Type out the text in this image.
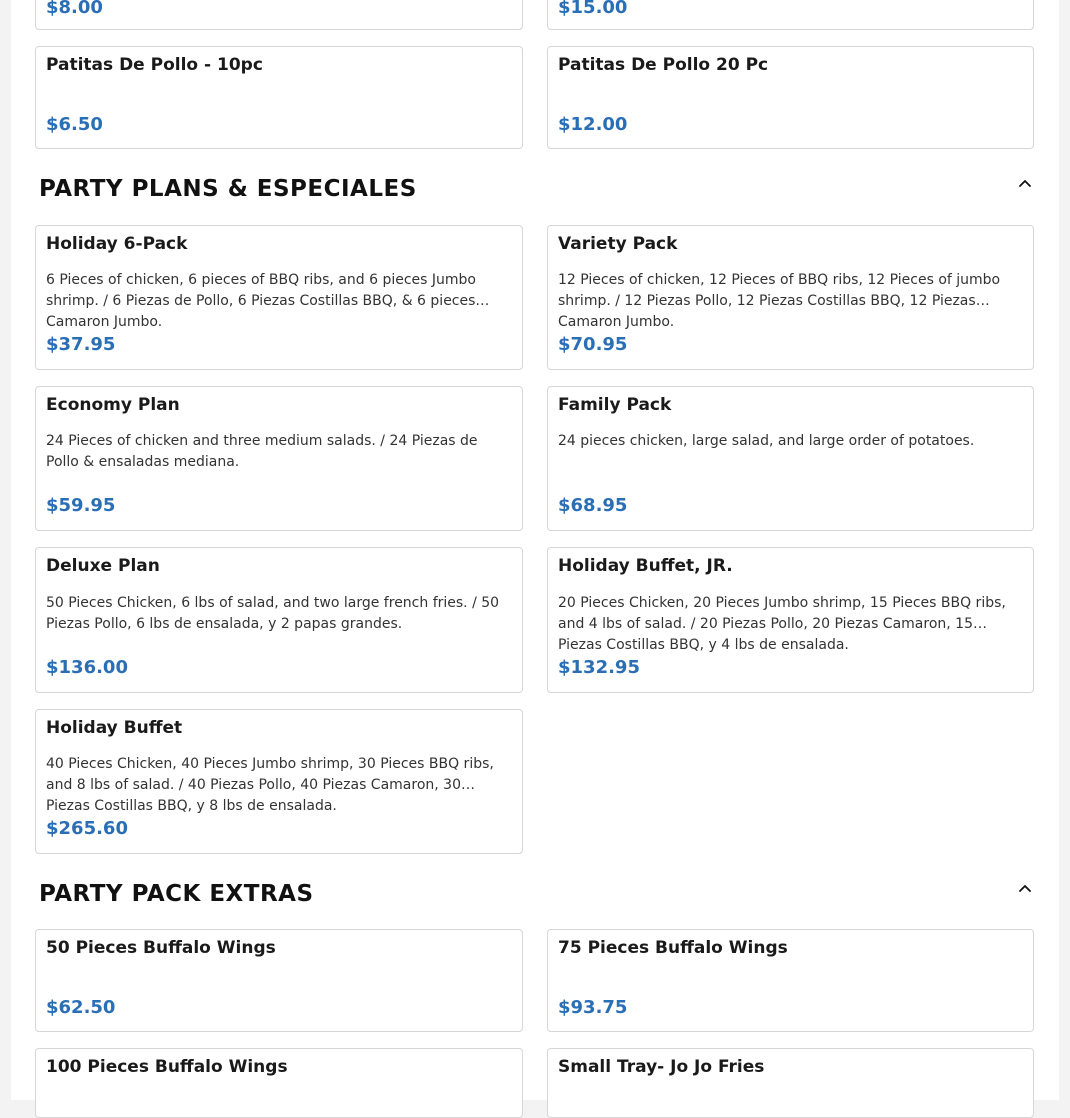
$8.00	$15.00
Patitas De Pollo - 10pc
$6.50
Patitas De Pollo 20 Pc
$12.00
PARTY PLANS & ESPECIALES
Holiday 6-Pack
6 Pieces of chicken, 6 pieces of BBQ ribs, and 6 pieces Jumbo shrimp. / 6 Piezas de Pollo, 6 Piezas Costillas BBQ, & 6 pieces Camaron Jumbo.
$37.95
Variety Pack
12 Pieces of chicken, 12 Pieces of BBQ ribs, 12 Pieces of jumbo shrimp. / 12 Piezas Pollo, 12 Piezas Costillas BBQ, 12 Piezas Camaron Jumbo.
$70.95
Economy Plan
24 Pieces of chicken and three medium salads. / 24 Piezas de Pollo & ensaladas mediana.
$59.95
Family Pack
24 pieces chicken, large salad, and large order of potatoes.
$68.95
Deluxe Plan
50 Pieces Chicken, 6 lbs of salad, and two large french fries. / 50 Piezas Pollo, 6 lbs de ensalada, y 2 papas grandes.
$136.00
Holiday Buffet, JR.
20 Pieces Chicken, 20 Pieces Jumbo shrimp, 15 Pieces BBQ ribs, and 4 lbs of salad. / 20 Piezas Pollo, 20 Piezas Camaron, 15 Piezas Costillas BBQ, y 4 lbs de ensalada.
$132.95
Holiday Buffet
40 Pieces Chicken, 40 Pieces Jumbo shrimp, 30 Pieces BBQ ribs, and 8 lbs of salad. / 40 Piezas Pollo, 40 Piezas Camaron, 30 Piezas Costillas BBQ, y 8 lbs de ensalada.
$265.60
PARTY PACK EXTRAS
50 Pieces Buffalo Wings
$62.50
75 Pieces Buffalo Wings
$93.75
100 Pieces Buffalo Wings	Small Tray- Jo Jo Fries
